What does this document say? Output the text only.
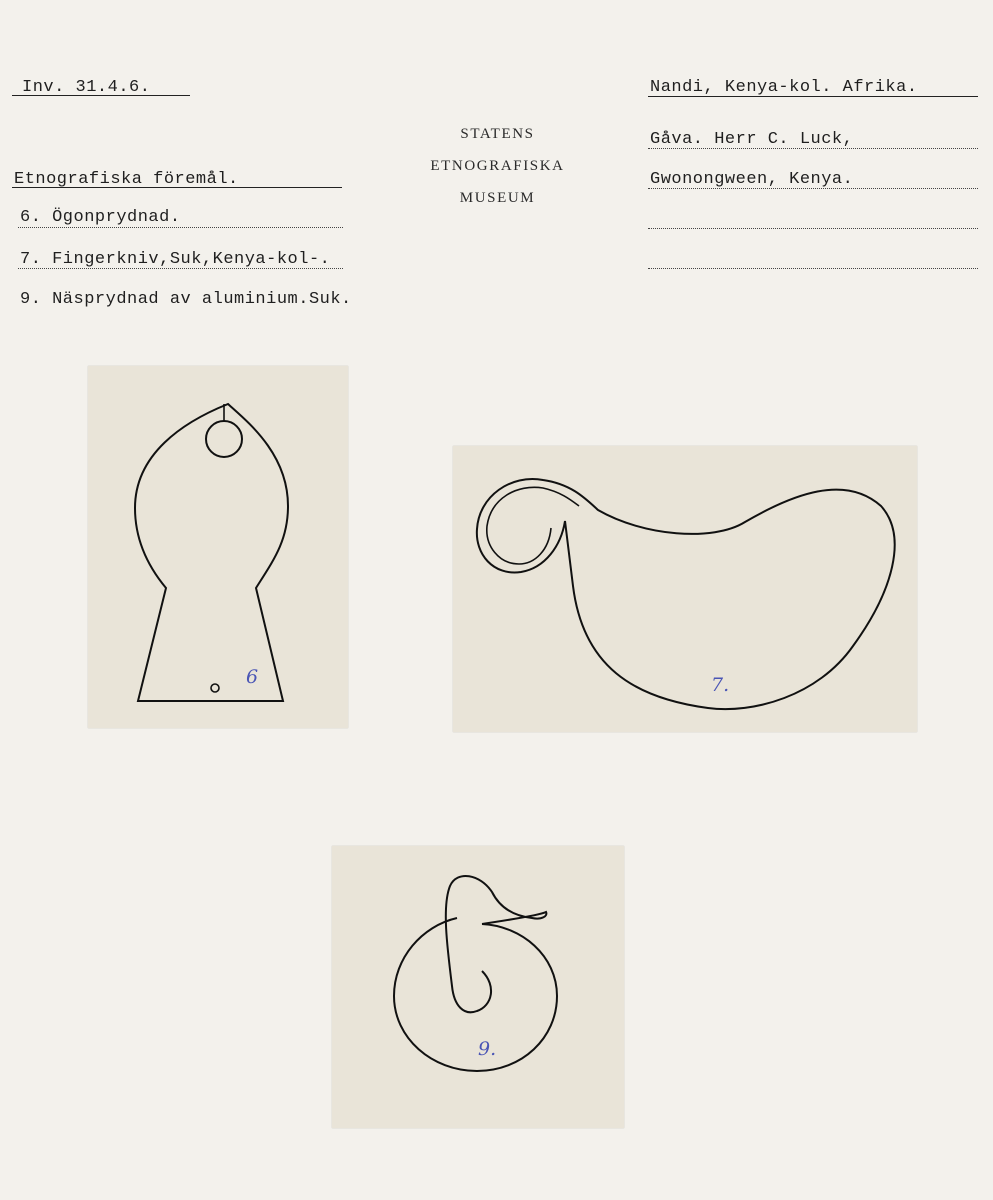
Inv. 31.4.6.
Etnografiska föremål.
6. Ögonprydnad.
7. Fingerkniv,Suk,Kenya-kol-.
9. Näsprydnad av aluminium.Suk.
STATENS
ETNOGRAFISKA
MUSEUM
Nandi, Kenya-kol. Afrika.
Gåva. Herr C. Luck,
Gwonongween, Kenya.
6	7.
9.
